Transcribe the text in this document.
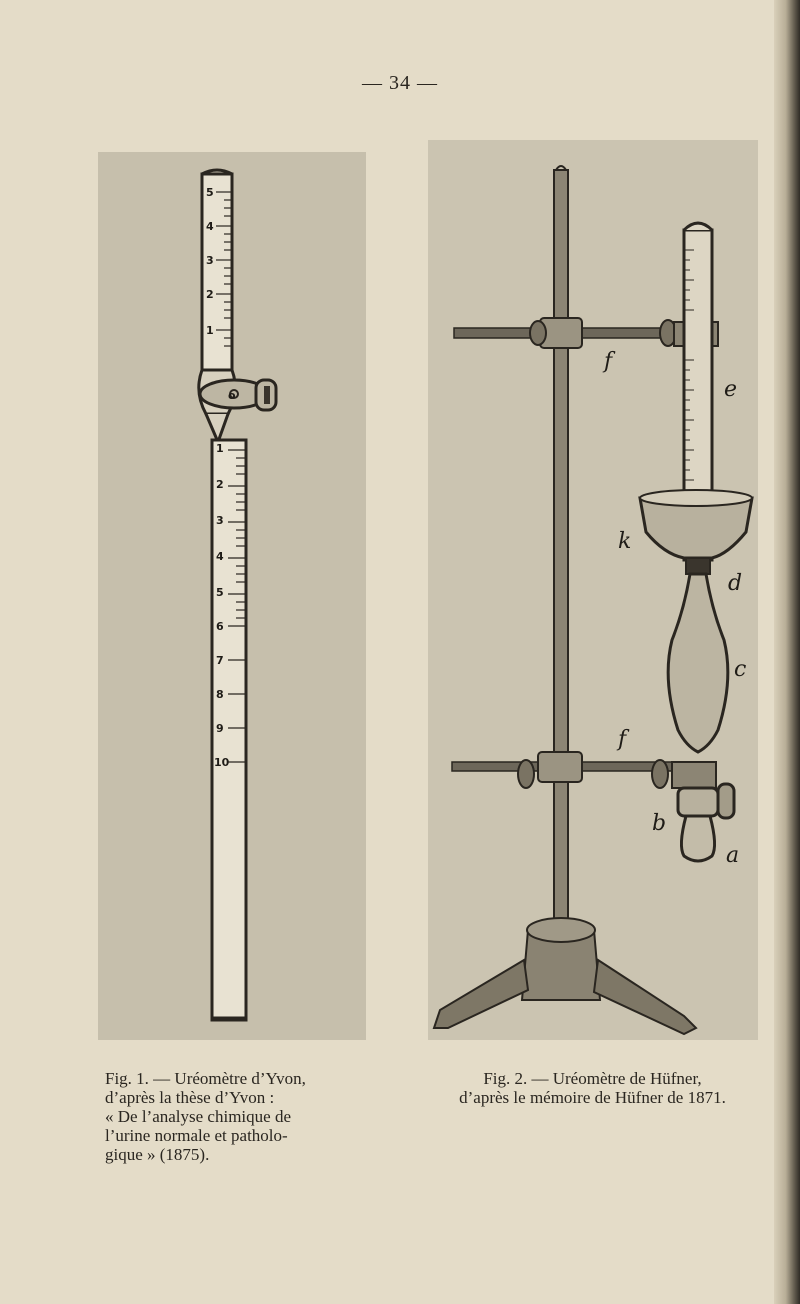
— 34 —
5
4
3
2
1
o
1
2
3
4
5
6
7
8
9
10
e
f
k
d
c
f
b
a
Fig. 1. — Uréomètre d’Yvon,
d’après la thèse d’Yvon :
« De l’analyse chimique de
l’urine normale et patholo-
gique » (1875).
Fig. 2. — Uréomètre de Hüfner,
d’après le mémoire de Hüfner de 1871.
